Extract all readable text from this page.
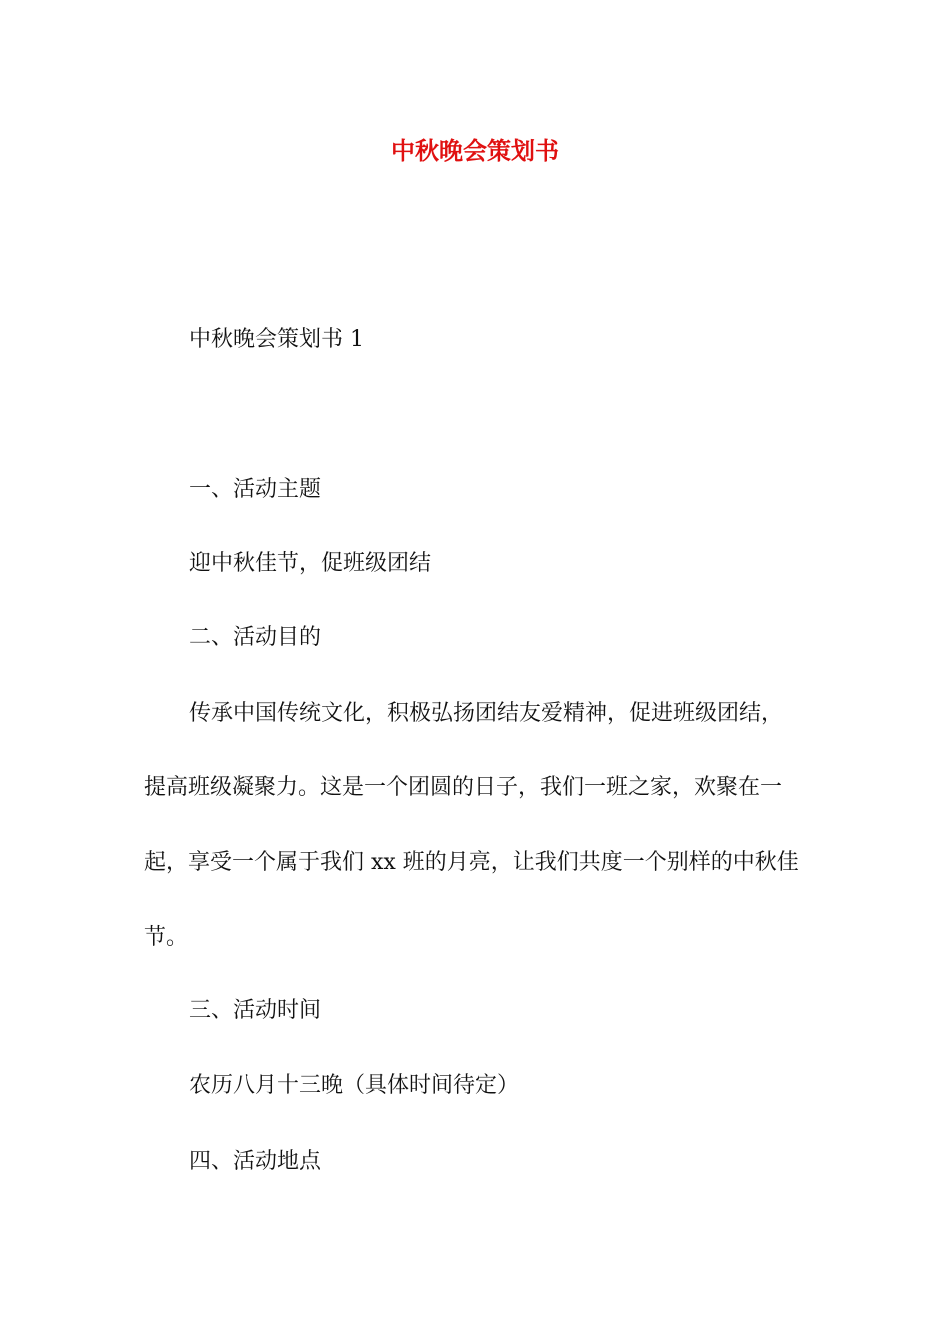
中秋晚会策划书
中秋晚会策划书 1
一、活动主题
迎中秋佳节，促班级团结
二、活动目的
传承中国传统文化，积极弘扬团结友爱精神，促进班级团结，
提高班级凝聚力。这是一个团圆的日子，我们一班之家，欢聚在一
起，享受一个属于我们 xx 班的月亮，让我们共度一个别样的中秋佳
节。
三、活动时间
农历八月十三晚（具体时间待定）
四、活动地点
